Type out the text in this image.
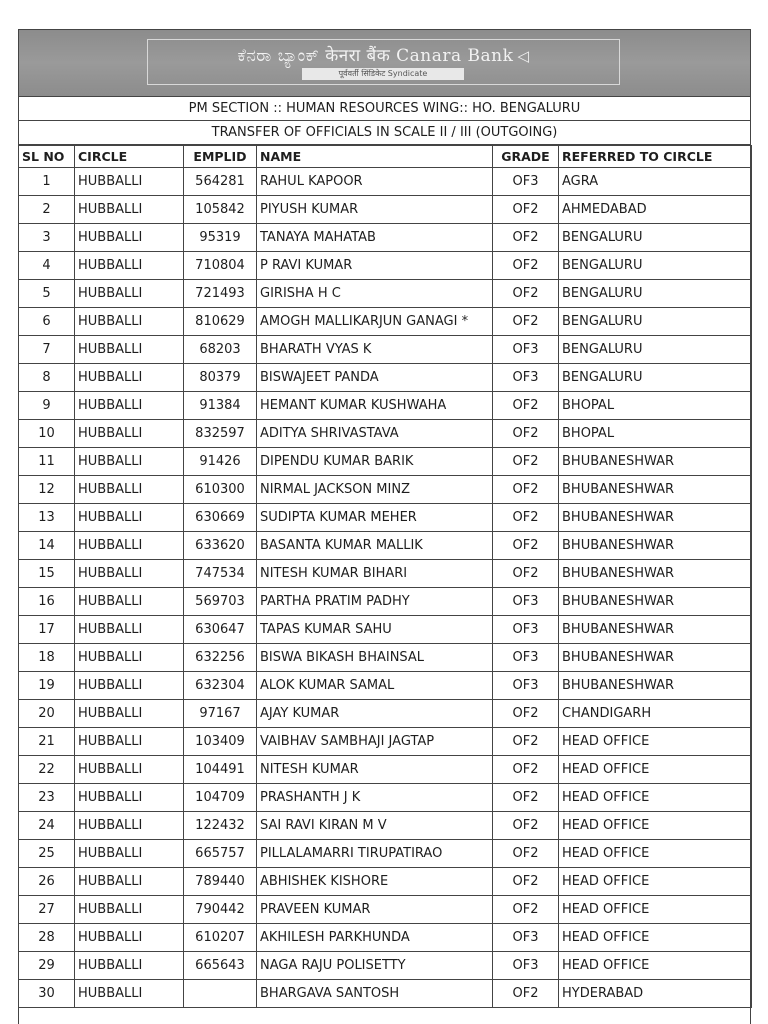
ಕೆನರಾ ಬ್ಯಾಂಕ್ केनरा बैंक Canara Bank ◁
पूर्ववर्ती सिंडिकेट Syndicate
PM SECTION :: HUMAN RESOURCES WING:: HO. BENGALURU
TRANSFER OF OFFICIALS IN SCALE II / III (OUTGOING)
SL NO	CIRCLE	EMPLID	NAME	GRADE	REFERRED TO CIRCLE
1	HUBBALLI	564281	RAHUL KAPOOR	OF3	AGRA
2	HUBBALLI	105842	PIYUSH KUMAR	OF2	AHMEDABAD
3	HUBBALLI	95319	TANAYA MAHATAB	OF2	BENGALURU
4	HUBBALLI	710804	P RAVI KUMAR	OF2	BENGALURU
5	HUBBALLI	721493	GIRISHA H C	OF2	BENGALURU
6	HUBBALLI	810629	AMOGH MALLIKARJUN GANAGI *	OF2	BENGALURU
7	HUBBALLI	68203	BHARATH VYAS K	OF3	BENGALURU
8	HUBBALLI	80379	BISWAJEET PANDA	OF3	BENGALURU
9	HUBBALLI	91384	HEMANT KUMAR KUSHWAHA	OF2	BHOPAL
10	HUBBALLI	832597	ADITYA SHRIVASTAVA	OF2	BHOPAL
11	HUBBALLI	91426	DIPENDU KUMAR BARIK	OF2	BHUBANESHWAR
12	HUBBALLI	610300	NIRMAL JACKSON MINZ	OF2	BHUBANESHWAR
13	HUBBALLI	630669	SUDIPTA KUMAR MEHER	OF2	BHUBANESHWAR
14	HUBBALLI	633620	BASANTA KUMAR MALLIK	OF2	BHUBANESHWAR
15	HUBBALLI	747534	NITESH KUMAR BIHARI	OF2	BHUBANESHWAR
16	HUBBALLI	569703	PARTHA PRATIM PADHY	OF3	BHUBANESHWAR
17	HUBBALLI	630647	TAPAS KUMAR SAHU	OF3	BHUBANESHWAR
18	HUBBALLI	632256	BISWA BIKASH BHAINSAL	OF3	BHUBANESHWAR
19	HUBBALLI	632304	ALOK KUMAR SAMAL	OF3	BHUBANESHWAR
20	HUBBALLI	97167	AJAY KUMAR	OF2	CHANDIGARH
21	HUBBALLI	103409	VAIBHAV SAMBHAJI JAGTAP	OF2	HEAD OFFICE
22	HUBBALLI	104491	NITESH KUMAR	OF2	HEAD OFFICE
23	HUBBALLI	104709	PRASHANTH J K	OF2	HEAD OFFICE
24	HUBBALLI	122432	SAI RAVI KIRAN M V	OF2	HEAD OFFICE
25	HUBBALLI	665757	PILLALAMARRI TIRUPATIRAO	OF2	HEAD OFFICE
26	HUBBALLI	789440	ABHISHEK KISHORE	OF2	HEAD OFFICE
27	HUBBALLI	790442	PRAVEEN KUMAR	OF2	HEAD OFFICE
28	HUBBALLI	610207	AKHILESH PARKHUNDA	OF3	HEAD OFFICE
29	HUBBALLI	665643	NAGA RAJU POLISETTY	OF3	HEAD OFFICE
30	HUBBALLI		BHARGAVA SANTOSH	OF2	HYDERABAD
